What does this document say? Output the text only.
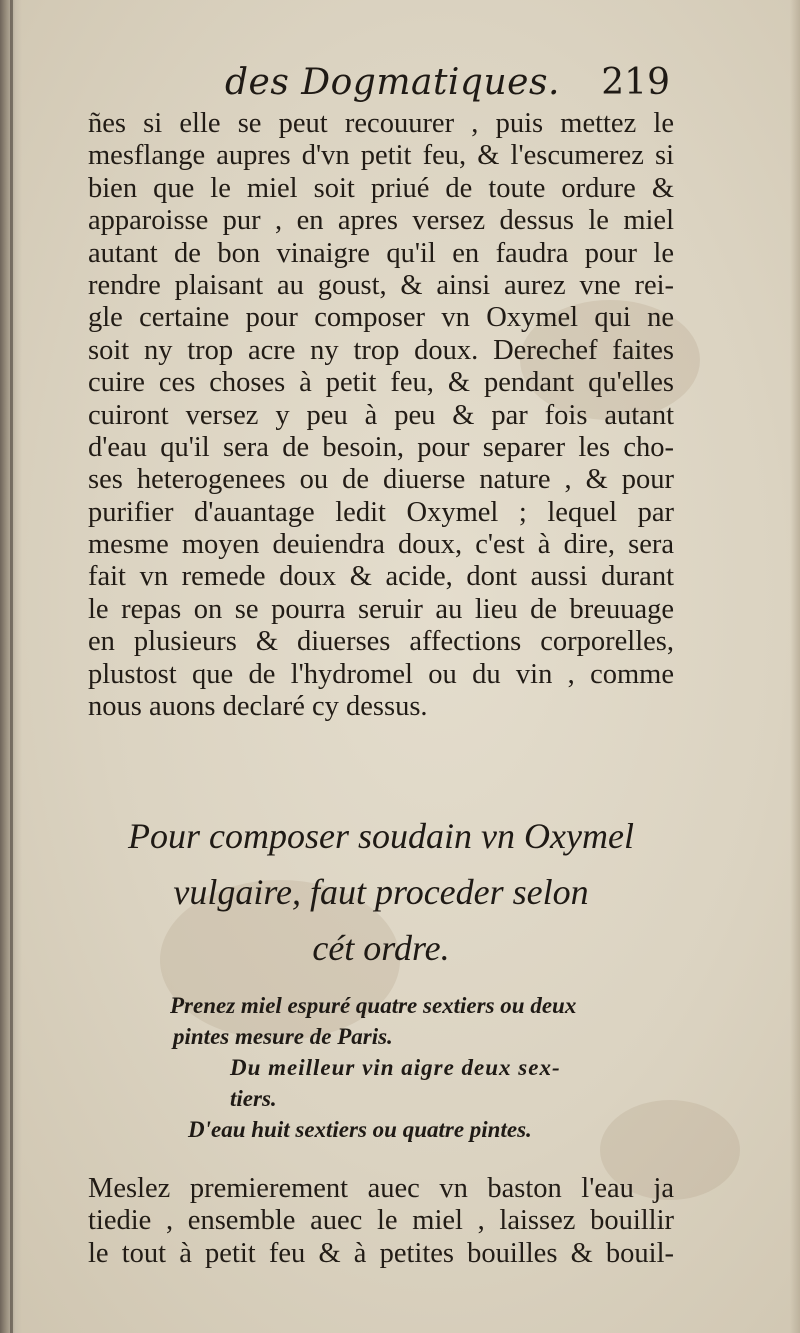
des Dogmatiques. 219
ñes si elle se peut recouurer , puis mettez le
mesflange aupres d'vn petit feu, & l'escumerez si
bien que le miel soit priué de toute ordure &
apparoisse pur , en apres versez dessus le miel
autant de bon vinaigre qu'il en faudra pour le
rendre plaisant au goust, & ainsi aurez vne rei-
gle certaine pour composer vn Oxymel qui ne
soit ny trop acre ny trop doux. Derechef faites
cuire ces choses à petit feu, & pendant qu'elles
cuiront versez y peu à peu & par fois autant
d'eau qu'il sera de besoin, pour separer les cho-
ses heterogenees ou de diuerse nature , & pour
purifier d'auantage ledit Oxymel ; lequel par
mesme moyen deuiendra doux, c'est à dire, sera
fait vn remede doux & acide, dont aussi durant
le repas on se pourra seruir au lieu de breuuage
en plusieurs & diuerses affections corporelles,
plustost que de l'hydromel ou du vin , comme
nous auons declaré cy dessus.
Pour composer soudain vn Oxymel
vulgaire, faut proceder selon
cét ordre.
Prenez miel espuré quatre sextiers ou deux
pintes mesure de Paris.
Du meilleur vin aigre deux sex-
tiers.
D'eau huit sextiers ou quatre pintes.
Meslez premierement auec vn baston l'eau ja
tiedie , ensemble auec le miel , laissez bouillir
le tout à petit feu & à petites bouilles & bouil-
